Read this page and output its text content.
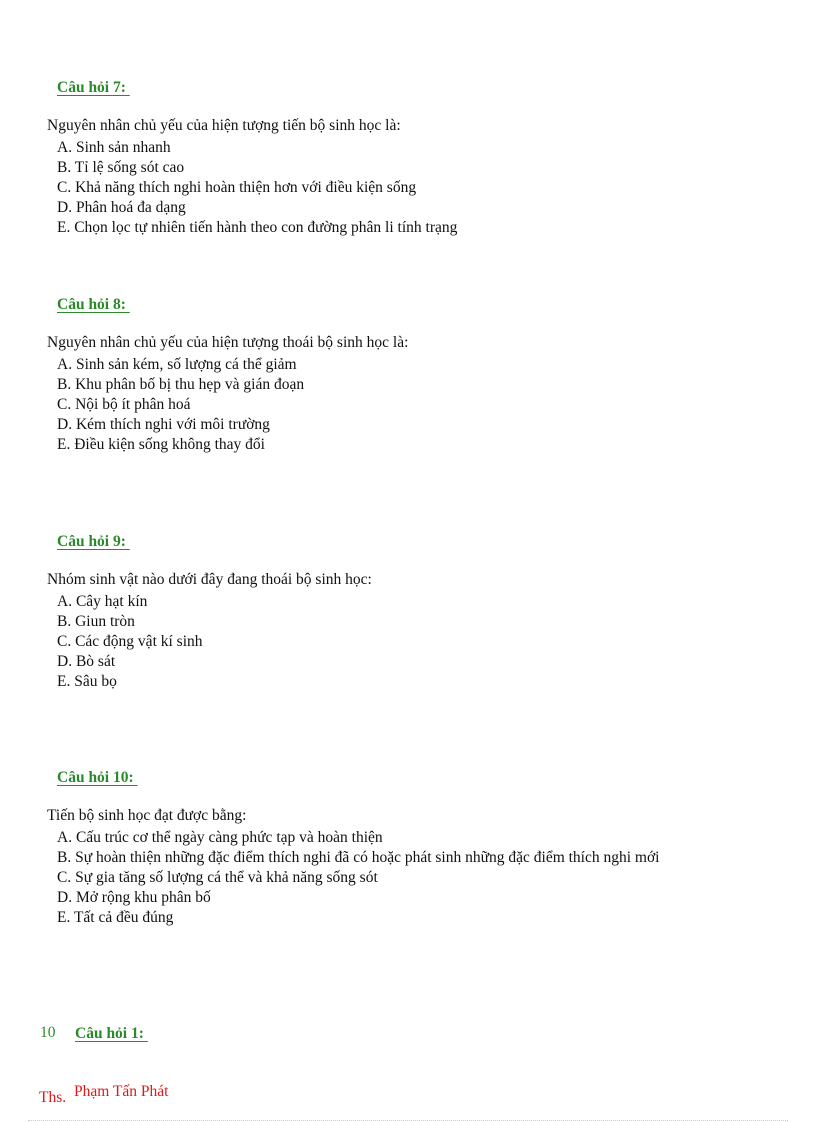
Câu hỏi 7:
Nguyên nhân chủ yếu của hiện tượng tiến bộ sinh học là:
A. Sinh sản nhanh
B. Tỉ lệ sống sót cao
C. Khả năng thích nghi hoàn thiện hơn với điều kiện sống
D. Phân hoá đa dạng
E. Chọn lọc tự nhiên tiến hành theo con đường phân li tính trạng
Câu hỏi 8:
Nguyên nhân chủ yếu của hiện tượng thoái bộ sinh học là:
A. Sinh sản kém, số lượng cá thể giảm
B. Khu phân bố bị thu hẹp và gián đoạn
C. Nội bộ ít phân hoá
D. Kém thích nghi với môi trường
E. Điều kiện sống không thay đổi
Câu hỏi 9:
Nhóm sinh vật nào dưới đây đang thoái bộ sinh học:
A. Cây hạt kín
B. Giun tròn
C. Các động vật kí sinh
D. Bò sát
E. Sâu bọ
Câu hỏi 10:
Tiến bộ sinh học đạt được bằng:
A. Cấu trúc cơ thể ngày càng phức tạp và hoàn thiện
B. Sự hoàn thiện những đặc điểm thích nghi đã có hoặc phát sinh những đặc điểm thích nghi mới
C. Sự gia tăng số lượng cá thể và khả năng sống sót
D. Mở rộng khu phân bố
E. Tất cả đều đúng
10 Câu hỏi 1:
Ths. Phạm Tấn Phát
